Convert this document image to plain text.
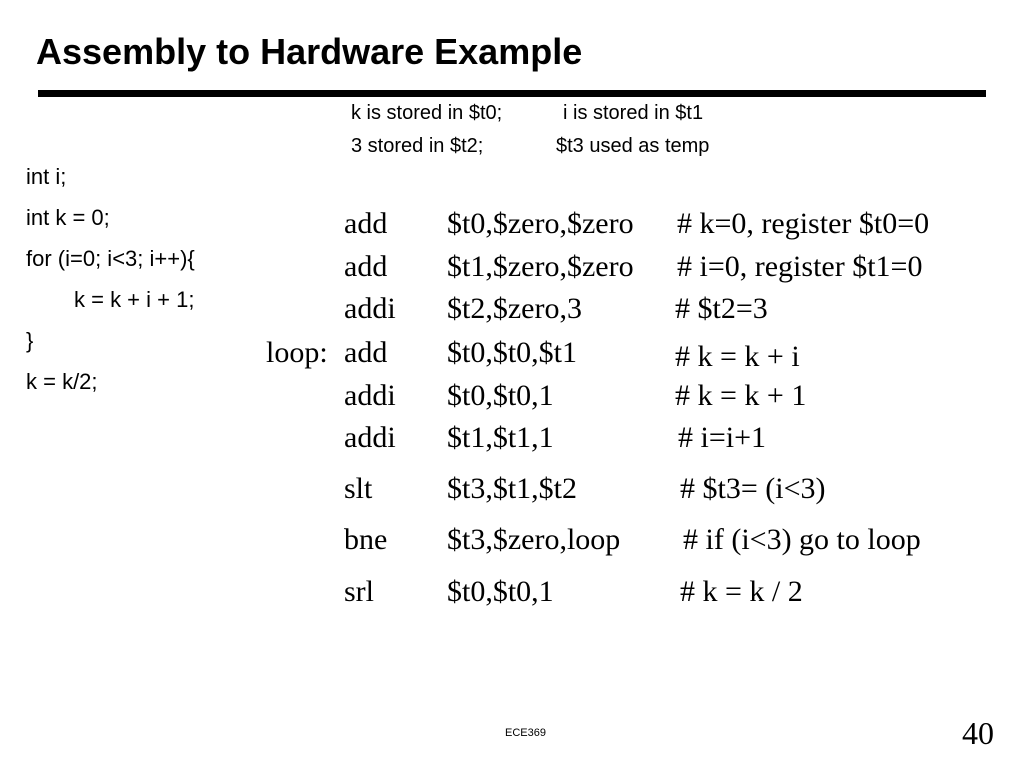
Assembly to Hardware Example
k is stored in $t0;	i is stored in $t1
3 stored in $t2;	$t3 used as temp
int i;
int k = 0;
for (i=0; i<3; i++){
k = k + i + 1;
}
k = k/2;
add $t0,$zero,$zero # k=0, register $t0=0
add $t1,$zero,$zero # i=0, register $t1=0
addi $t2,$zero,3	# $t2=3
loop: add $t0,$t0,$t1	# k = k + i
addi $t0,$t0,1	# k = k + 1
addi $t1,$t1,1	# i=i+1
slt $t3,$t1,$t2	# $t3= (i<3)
bne $t3,$zero,loop # if (i<3) go to loop
srl $t0,$t0,1	# k = k / 2
ECE369	40
